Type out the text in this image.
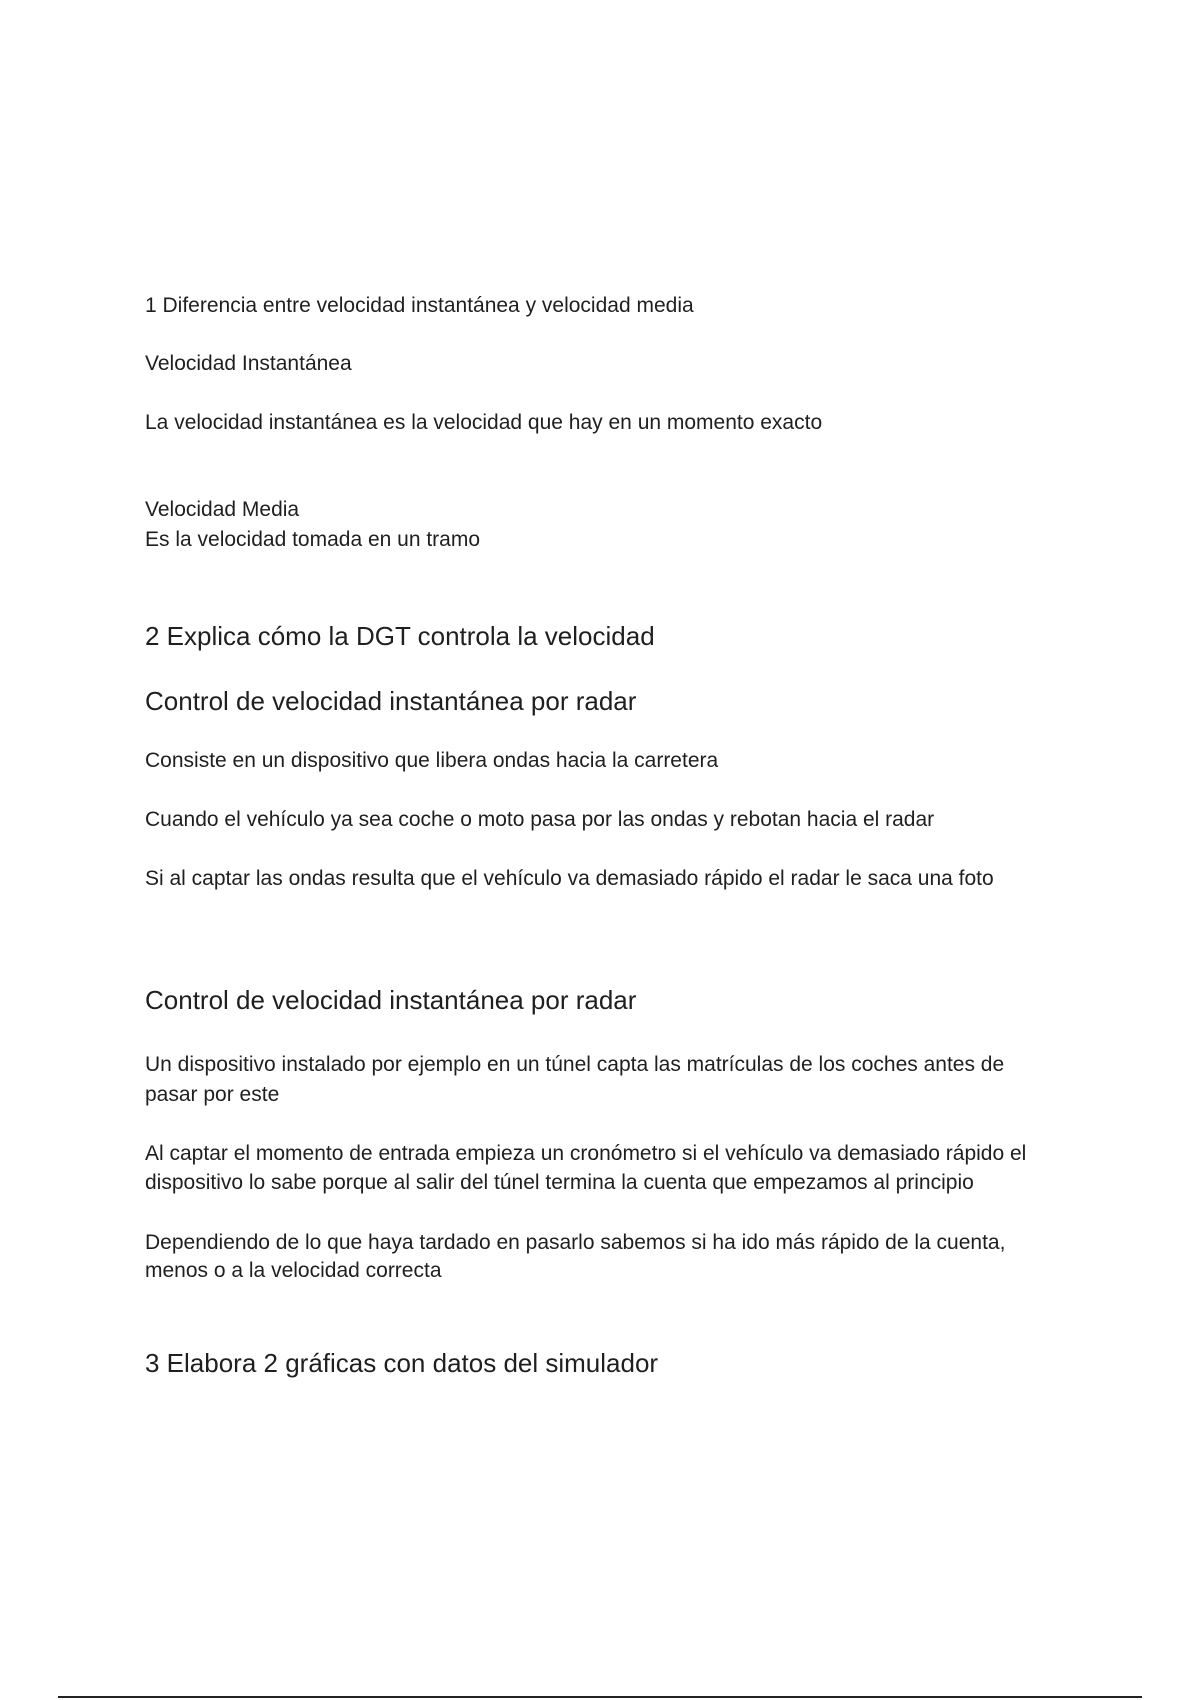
1 Diferencia entre velocidad instantánea y velocidad media

Velocidad Instantánea

La velocidad instantánea es la velocidad que hay en un momento exacto

Velocidad Media

Es la velocidad tomada en un tramo

2 Explica cómo la DGT controla la velocidad
Control de velocidad instantánea por radar

Consiste en un dispositivo que libera ondas hacia la carretera

Cuando el vehículo ya sea coche o moto pasa por las ondas y rebotan hacia el radar

Si al captar las ondas resulta que el vehículo va demasiado rápido el radar le saca una foto

Control de velocidad instantánea por radar

Un dispositivo instalado por ejemplo en un túnel capta las matrículas de los coches antes de

pasar por este

Al captar el momento de entrada empieza un cronómetro si el vehículo va demasiado rápido el

dispositivo lo sabe porque al salir del túnel termina la cuenta que empezamos al principio

Dependiendo de lo que haya tardado en pasarlo sabemos si ha ido más rápido de la cuenta,

menos o a la velocidad correcta

3 Elabora 2 gráficas con datos del simulador
